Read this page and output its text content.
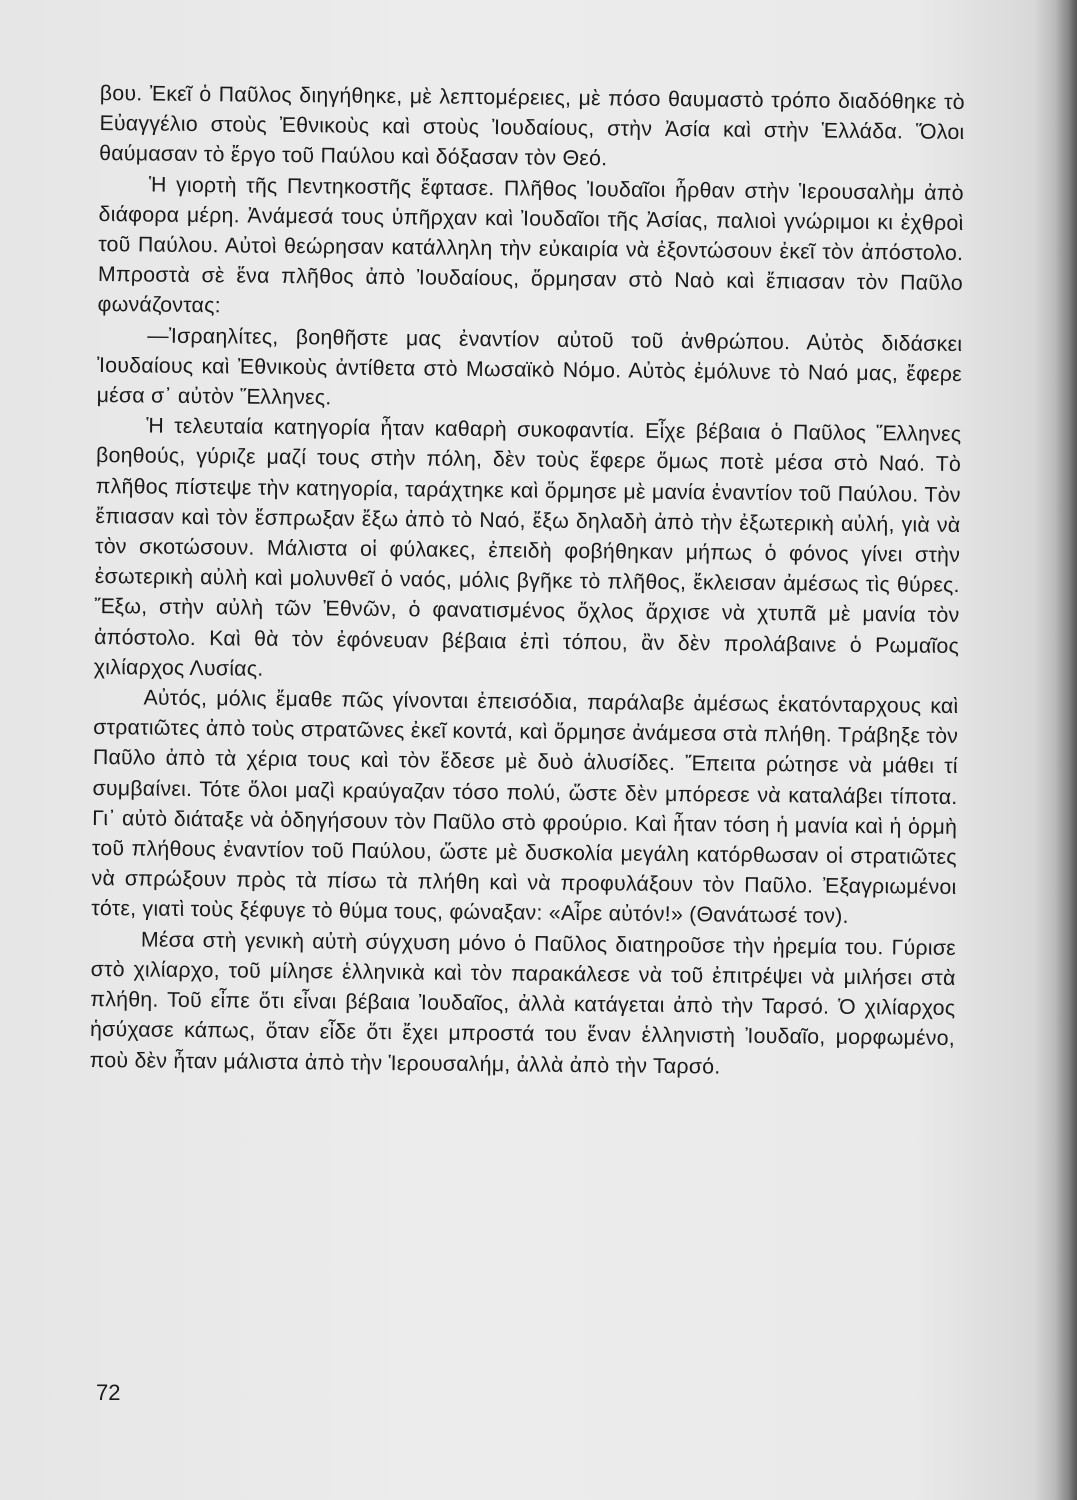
βου. Ἐκεῖ ὁ Παῦλος διηγήθηκε, μὲ λεπτομέρειες, μὲ πόσο θαυμαστὸ τρόπο διαδόθηκε τὸ Εὐαγγέλιο στοὺς Ἐθνικοὺς καὶ στοὺς Ἰουδαίους, στὴν Ἀσία καὶ στὴν Ἑλλάδα. Ὅλοι θαύμασαν τὸ ἔργο τοῦ Παύλου καὶ δόξασαν τὸν Θεό.

Ἡ γιορτὴ τῆς Πεντηκοστῆς ἔφτασε. Πλῆθος Ἰουδαῖοι ἦρθαν στὴν Ἱερουσαλὴμ ἀπὸ διάφορα μέρη. Ἀνάμεσά τους ὑπῆρχαν καὶ Ἰουδαῖοι τῆς Ἀσίας, παλιοὶ γνώριμοι κι ἐχθροὶ τοῦ Παύλου. Αὐτοὶ θεώρησαν κατάλληλη τὴν εὐκαιρία νὰ ἐξοντώσουν ἐκεῖ τὸν ἀπόστολο. Μπροστὰ σὲ ἕνα πλῆθος ἀπὸ Ἰουδαίους, ὅρμησαν στὸ Ναὸ καὶ ἔπιασαν τὸν Παῦλο φωνάζοντας:

—Ἰσραηλίτες, βοηθῆστε μας ἐναντίον αὐτοῦ τοῦ ἀνθρώπου. Αὐτὸς διδάσκει Ἰουδαίους καὶ Ἐθνικοὺς ἀντίθετα στὸ Μωσαϊκὸ Νόμο. Αὐτὸς ἐμόλυνε τὸ Ναό μας, ἔφερε μέσα σ᾽ αὐτὸν Ἕλληνες.

Ἡ τελευταία κατηγορία ἦταν καθαρὴ συκοφαντία. Εἶχε βέβαια ὁ Παῦλος Ἕλληνες βοηθούς, γύριζε μαζί τους στὴν πόλη, δὲν τοὺς ἔφερε ὅμως ποτὲ μέσα στὸ Ναό. Τὸ πλῆθος πίστεψε τὴν κατηγορία, ταράχτηκε καὶ ὅρμησε μὲ μανία ἐναντίον τοῦ Παύλου. Τὸν ἔπιασαν καὶ τὸν ἔσπρωξαν ἔξω ἀπὸ τὸ Ναό, ἔξω δηλαδὴ ἀπὸ τὴν ἐξωτερικὴ αὐλή, γιὰ νὰ τὸν σκοτώσουν. Μάλιστα οἱ φύλακες, ἐπειδὴ φοβήθηκαν μήπως ὁ φόνος γίνει στὴν ἐσωτερικὴ αὐλὴ καὶ μολυνθεῖ ὁ ναός, μόλις βγῆκε τὸ πλῆθος, ἔκλεισαν ἀμέσως τὶς θύρες. Ἔξω, στὴν αὐλὴ τῶν Ἐθνῶν, ὁ φανατισμένος ὄχλος ἄρχισε νὰ χτυπᾶ μὲ μανία τὸν ἀπόστολο. Καὶ θὰ τὸν ἐφόνευαν βέβαια ἐπὶ τόπου, ἂν δὲν προλάβαινε ὁ Ρωμαῖος χιλίαρχος Λυσίας.

Αὐτός, μόλις ἔμαθε πῶς γίνονται ἐπεισόδια, παράλαβε ἀμέσως ἑκατόνταρχους καὶ στρατιῶτες ἀπὸ τοὺς στρατῶνες ἐκεῖ κοντά, καὶ ὅρμησε ἀνάμεσα στὰ πλήθη. Τράβηξε τὸν Παῦλο ἀπὸ τὰ χέρια τους καὶ τὸν ἔδεσε μὲ δυὸ ἁλυσίδες. Ἔπειτα ρώτησε νὰ μάθει τί συμβαίνει. Τότε ὅλοι μαζὶ κραύγαζαν τόσο πολύ, ὥστε δὲν μπόρεσε νὰ καταλάβει τίποτα. Γι᾽ αὐτὸ διάταξε νὰ ὁδηγήσουν τὸν Παῦλο στὸ φρούριο. Καὶ ἦταν τόση ἡ μανία καὶ ἡ ὁρμὴ τοῦ πλήθους ἐναντίον τοῦ Παύλου, ὥστε μὲ δυσκολία μεγάλη κατόρθωσαν οἱ στρατιῶτες νὰ σπρώξουν πρὸς τὰ πίσω τὰ πλήθη καὶ νὰ προφυλάξουν τὸν Παῦλο. Ἐξαγριωμένοι τότε, γιατὶ τοὺς ξέφυγε τὸ θύμα τους, φώναξαν: «Αἶρε αὐτόν!» (Θανάτωσέ τον).

Μέσα στὴ γενικὴ αὐτὴ σύγχυση μόνο ὁ Παῦλος διατηροῦσε τὴν ἠρεμία του. Γύρισε στὸ χιλίαρχο, τοῦ μίλησε ἑλληνικὰ καὶ τὸν παρακάλεσε νὰ τοῦ ἐπιτρέψει νὰ μιλήσει στὰ πλήθη. Τοῦ εἶπε ὅτι εἶναι βέβαια Ἰουδαῖος, ἀλλὰ κατάγεται ἀπὸ τὴν Ταρσό. Ὁ χιλίαρχος ἡσύχασε κάπως, ὅταν εἶδε ὅτι ἔχει μπροστά του ἕναν ἑλληνιστὴ Ἰουδαῖο, μορφωμένο, ποὺ δὲν ἦταν μάλιστα ἀπὸ τὴν Ἱερουσαλήμ, ἀλλὰ ἀπὸ τὴν Ταρσό.

72
